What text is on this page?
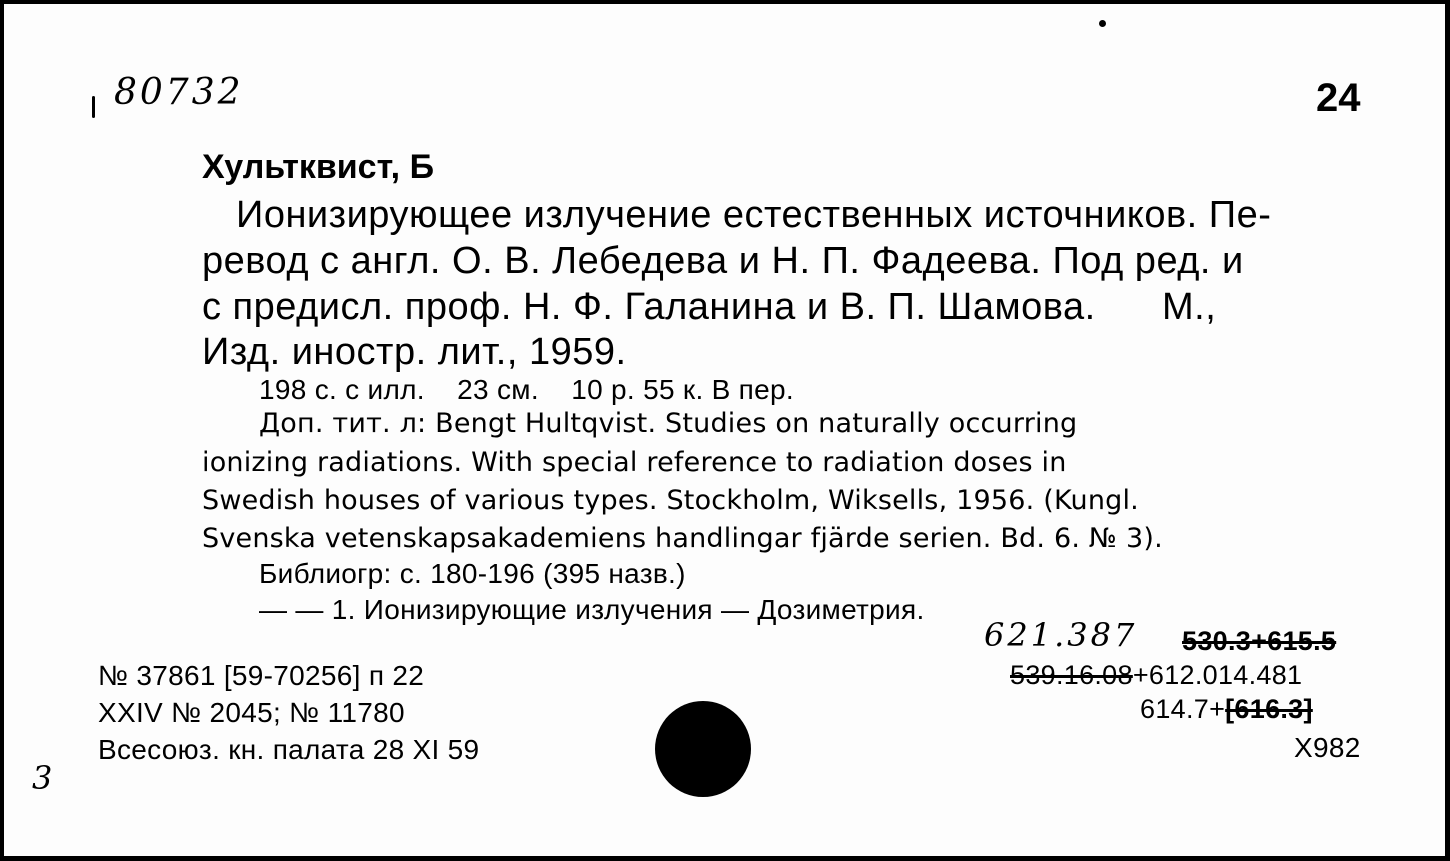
80732	24
Хультквист, Б
Ионизирующее излучение естественных источников. Пе-
ревод с англ. О. В. Лебедева и Н. П. Фадеева. Под ред. и
с предисл. проф. Н. Ф. Галанина и В. П. Шамова.      М.,
Изд. иностр. лит., 1959.
198 с. с илл.    23 см.    10 р. 55 к. В пер.
Доп. тит. л: Bengt Hultqvist. Studies on naturally occurring
ionizing radiations. With special reference to radiation doses in
Swedish houses of various types. Stockholm, Wiksells, 1956. (Kungl.
Svenska vetenskapsakademiens handlingar fjärde serien. Bd. 6. № 3).
Библиогр: с. 180-196 (395 назв.)
— — 1. Ионизирующие излучения — Дозиметрия.
621.387 530.3+615.5
539.16.08+612.014.481
614.7+[616.3]
X982
№ 37861 [59-70256] п 22
XXIV № 2045; № 11780
Всесоюз. кн. палата 28 XI 59
3
